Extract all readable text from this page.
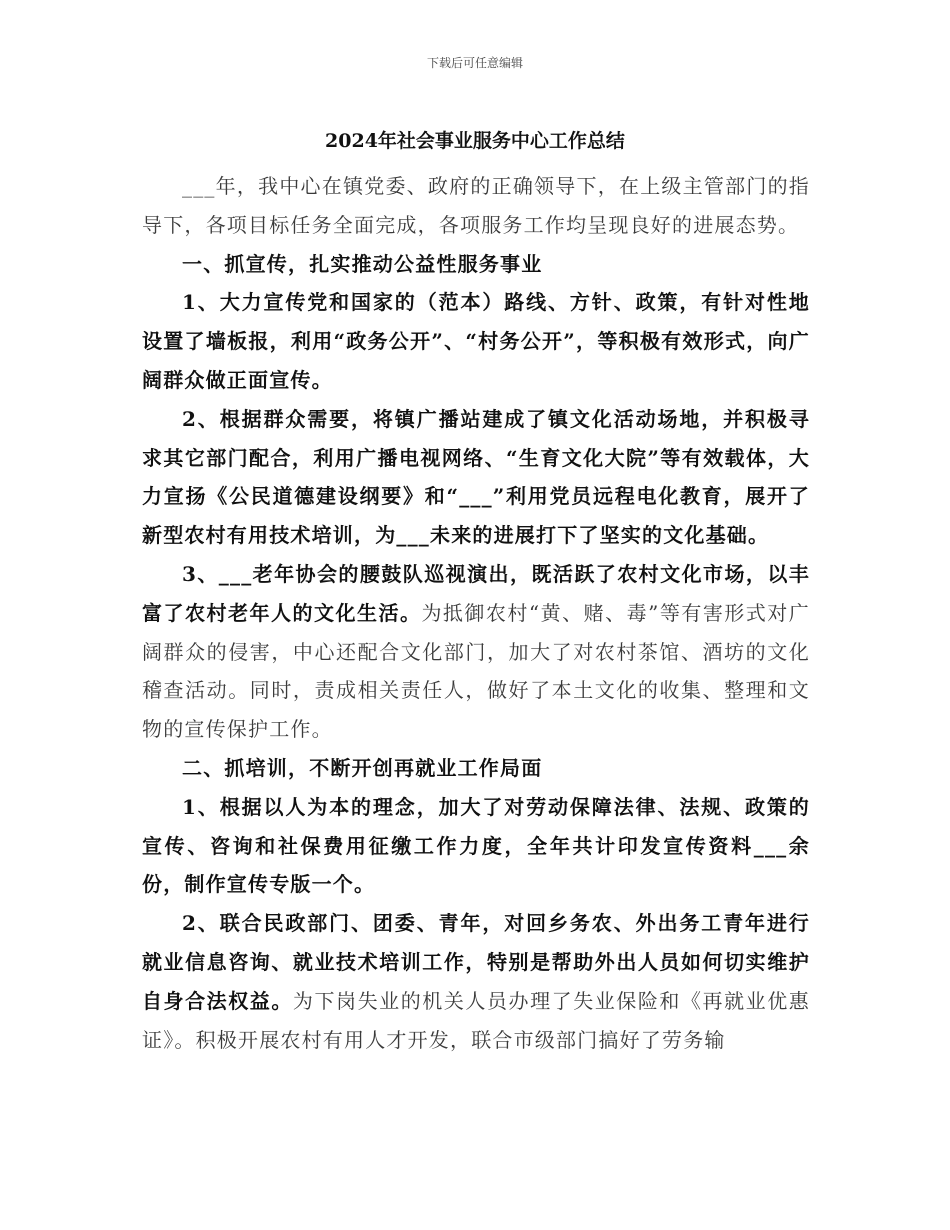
下载后可任意编辑
2024年社会事业服务中心工作总结

___年，我中心在镇党委、政府的正确领导下，在上级主管部门的指导下，各项目标任务全面完成，各项服务工作均呈现良好的进展态势。

一、抓宣传，扎实推动公益性服务事业

1、大力宣传党和国家的（范本）路线、方针、政策，有针对性地设置了墙板报，利用“政务公开”、“村务公开”，等积极有效形式，向广阔群众做正面宣传。

2、根据群众需要，将镇广播站建成了镇文化活动场地，并积极寻求其它部门配合，利用广播电视网络、“生育文化大院”等有效载体，大力宣扬《公民道德建设纲要》和“___”利用党员远程电化教育，展开了新型农村有用技术培训，为___未来的进展打下了坚实的文化基础。

3、___老年协会的腰鼓队巡视演出，既活跃了农村文化市场，以丰富了农村老年人的文化生活。为抵御农村“黄、赌、毒”等有害形式对广阔群众的侵害，中心还配合文化部门，加大了对农村茶馆、酒坊的文化稽查活动。同时，责成相关责任人，做好了本土文化的收集、整理和文物的宣传保护工作。

二、抓培训，不断开创再就业工作局面

1、根据以人为本的理念，加大了对劳动保障法律、法规、政策的宣传、咨询和社保费用征缴工作力度，全年共计印发宣传资料___余份，制作宣传专版一个。

2、联合民政部门、团委、青年，对回乡务农、外出务工青年进行就业信息咨询、就业技术培训工作，特别是帮助外出人员如何切实维护自身合法权益。为下岗失业的机关人员办理了失业保险和《再就业优惠证》。积极开展农村有用人才开发，联合市级部门搞好了劳务输
